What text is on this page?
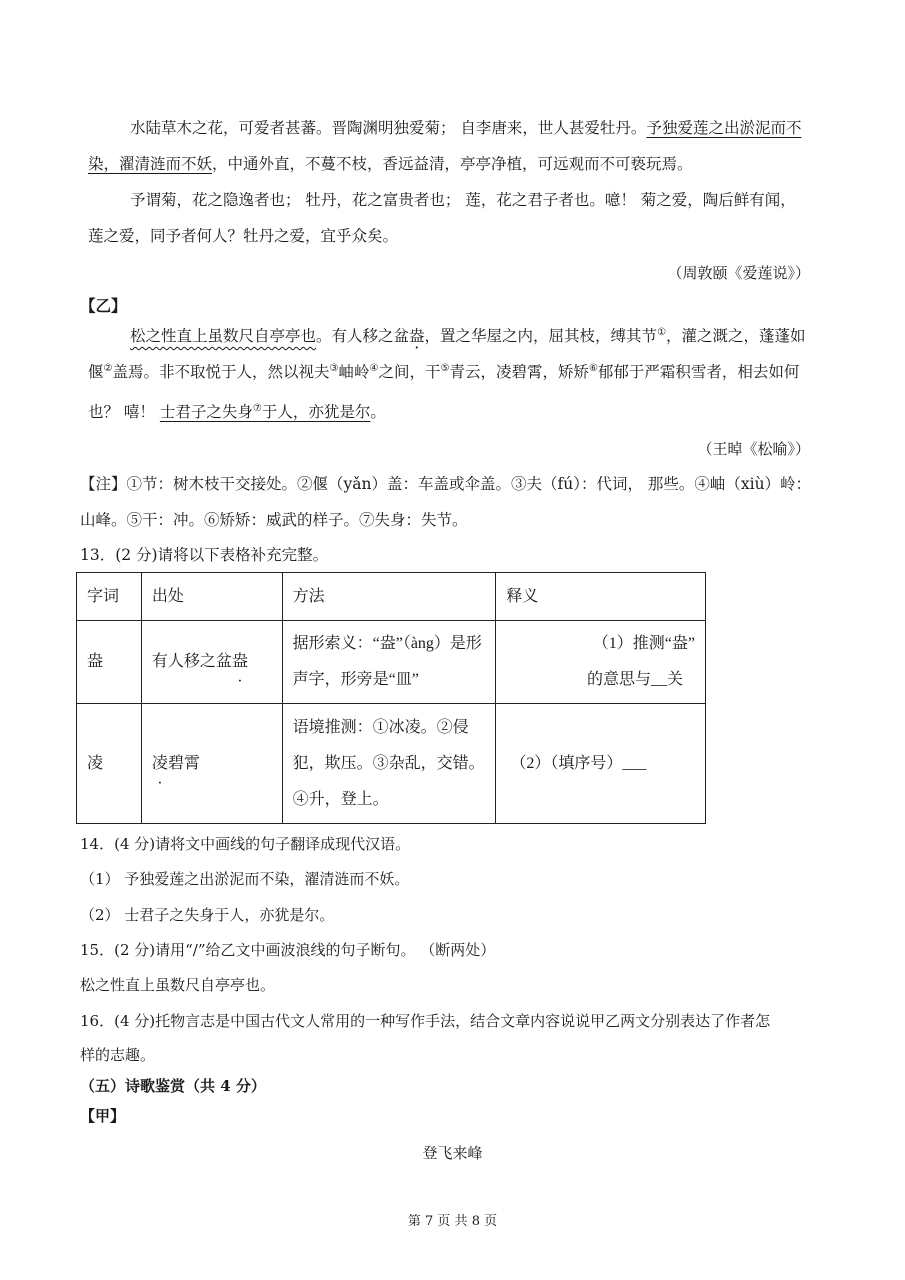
水陆草木之花，可爱者甚蕃。晋陶渊明独爱菊； 自李唐来，世人甚爱牡丹。予独爱莲之出淤泥而不
染，濯清涟而不妖，中通外直，不蔓不枝，香远益清，亭亭净植，可远观而不可亵玩焉。
予谓菊，花之隐逸者也； 牡丹，花之富贵者也； 莲，花之君子者也。噫！ 菊之爱，陶后鲜有闻，
莲之爱，同予者何人？牡丹之爱，宜乎众矣。
（周敦颐《爱莲说》）
【乙】
松之性直上虽数尺自亭亭也。有人移之盆盎，置之华屋之内，屈其枝，缚其节①，灌之溉之，蓬蓬如
偃②盖焉。非不取悦于人，然以视夫③岫岭④之间，干⑤青云，凌碧霄，矫矫⑥郁郁于严霜积雪者，相去如何
也？ 嘻！ 士君子之失身⑦于人，亦犹是尔。
（王晫《松喻》）
【注】①节：树木枝干交接处。②偃（yǎn）盖：车盖或伞盖。③夫（fú）：代词， 那些。④岫（xiù）岭：
山峰。⑤干：冲。⑥矫矫：威武的样子。⑦失身：失节。
13．(2 分)请将以下表格补充完整。
字词	出处	方法	释义
盎	有人移之盆盎	据形索义：“盎”（àng）是形声字，形旁是“皿”	（1）推测“盎”
的意思与__关

凌	凌碧霄	语境推测：①冰凌。②侵犯，欺压。③杂乱，交错。④升，登上。	（2）（填序号）___
14．(4 分)请将文中画线的句子翻译成现代汉语。
（1） 予独爱莲之出淤泥而不染，濯清涟而不妖。
（2） 士君子之失身于人，亦犹是尔。
15．(2 分)请用“/”给乙文中画波浪线的句子断句。 （断两处）
松之性直上虽数尺自亭亭也。
16．(4 分)托物言志是中国古代文人常用的一种写作手法，结合文章内容说说甲乙两文分别表达了作者怎
样的志趣。
（五）诗歌鉴赏（共 4 分）
【甲】
登飞来峰
第 7 页 共 8 页
